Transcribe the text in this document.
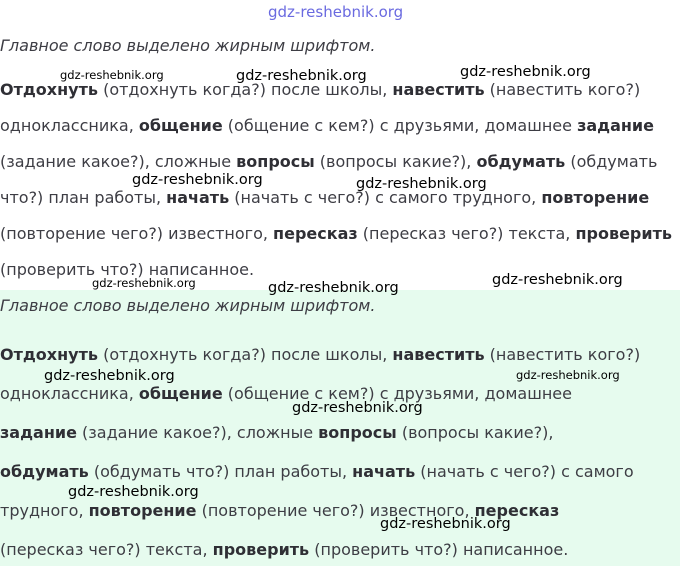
Главное слово выделено жирным шрифтом.
Отдохнуть (отдохнуть когда?) после школы, навестить (навестить кого?)
одноклассника, общение (общение с кем?) с друзьями, домашнее задание
(задание какое?), сложные вопросы (вопросы какие?), обдумать (обдумать
что?) план работы, начать (начать с чего?) с самого трудного, повторение
(повторение чего?) известного, пересказ (пересказ чего?) текста, проверить
(проверить что?) написанное.
Главное слово выделено жирным шрифтом.
Отдохнуть (отдохнуть когда?) после школы, навестить (навестить кого?)
одноклассника, общение (общение с кем?) с друзьями, домашнее
задание (задание какое?), сложные вопросы (вопросы какие?),
обдумать (обдумать что?) план работы, начать (начать с чего?) с самого
трудного, повторение (повторение чего?) известного, пересказ
(пересказ чего?) текста, проверить (проверить что?) написанное.
gdz-reshebnik.org
gdz-reshebnik.org	gdz-reshebnik.org	gdz-reshebnik.org
gdz-reshebnik.org	gdz-reshebnik.org
gdz-reshebnik.org	gdz-reshebnik.org	gdz-reshebnik.org
gdz-reshebnik.org	gdz-reshebnik.org
gdz-reshebnik.org
gdz-reshebnik.org
gdz-reshebnik.org
